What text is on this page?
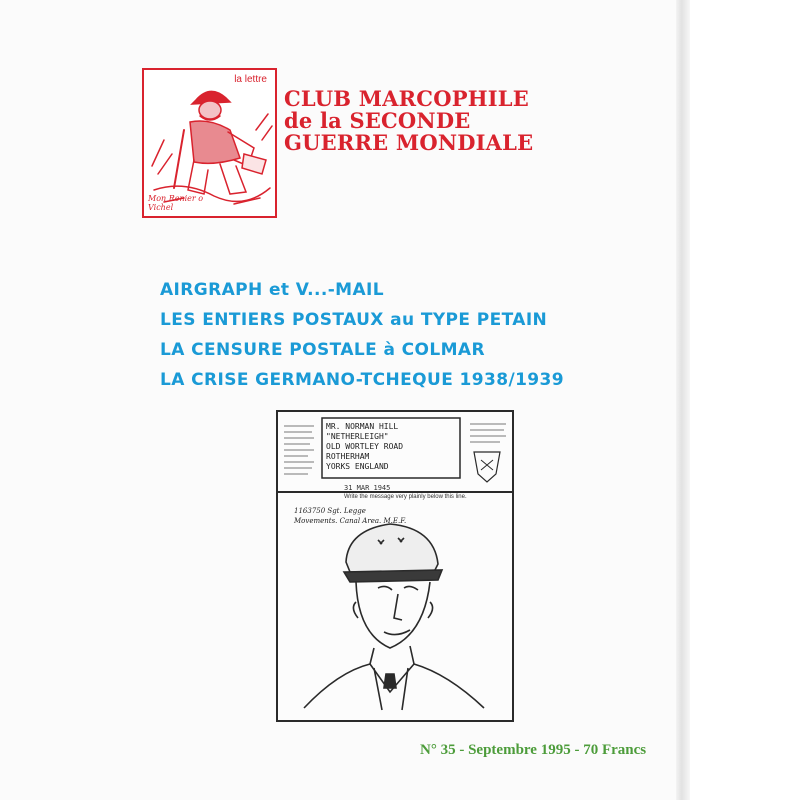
la lettre
Mon Renier o Vichel
CLUB MARCOPHILE
de la SECONDE
GUERRE MONDIALE
AIRGRAPH et V...-MAIL
LES ENTIERS POSTAUX au TYPE PETAIN
LA CENSURE POSTALE à COLMAR
LA CRISE GERMANO-TCHEQUE 1938/1939
MR. NORMAN HILL
"NETHERLEIGH"
OLD WORTLEY ROAD
ROTHERHAM
YORKS ENGLAND
31 MAR 1945
Write the message very plainly below this line.
1163750 Sgt. Legge
Movements. Canal Area. M.E.F.
N° 35 - Septembre 1995 - 70 Francs
